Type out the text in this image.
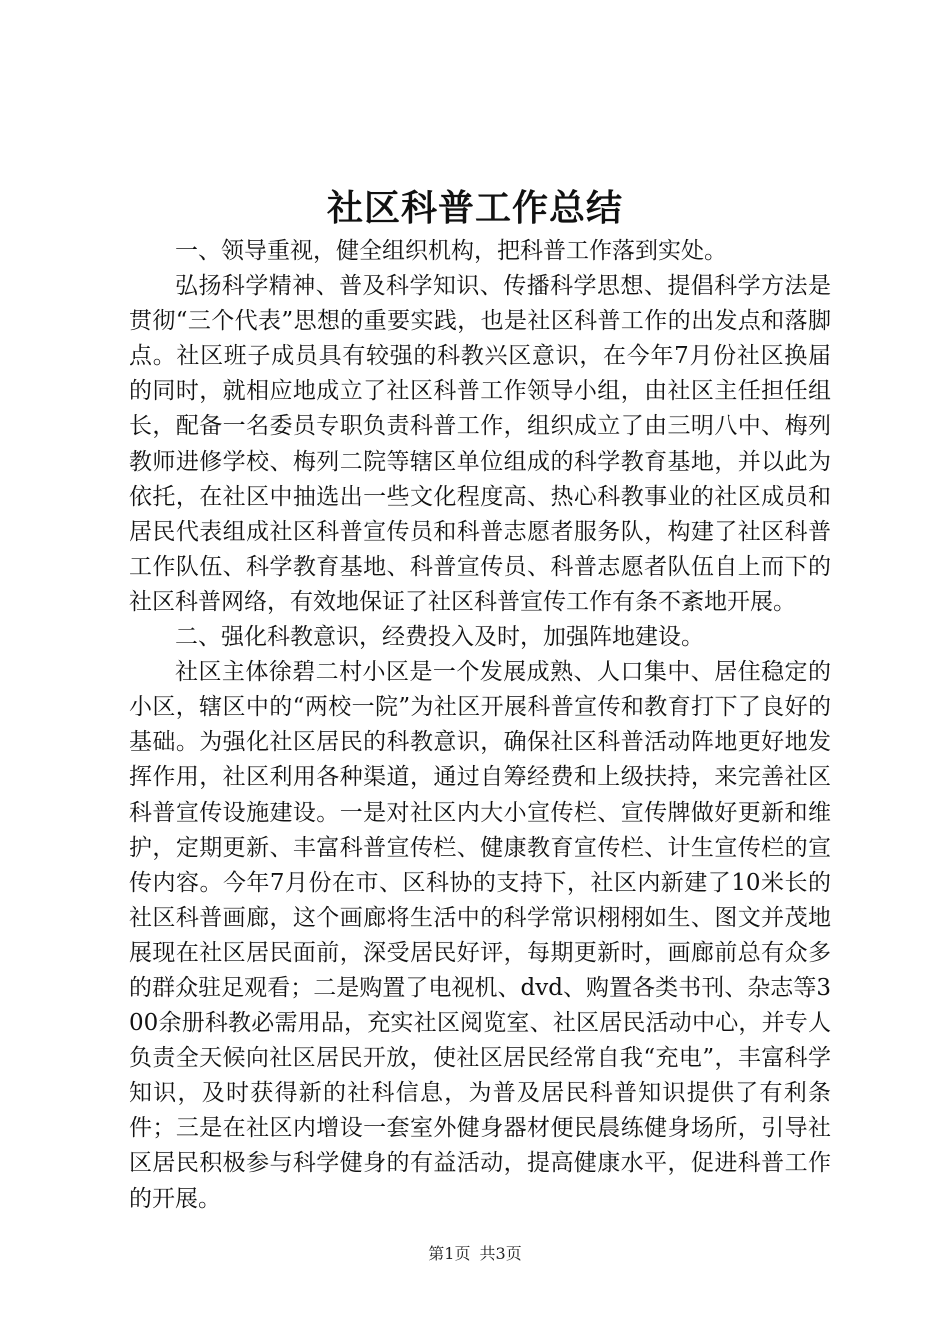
社区科普工作总结

一、领导重视，健全组织机构，把科普工作落到实处。

弘扬科学精神、普及科学知识、传播科学思想、提倡科学方法是贯彻“三个代表”思想的重要实践，也是社区科普工作的出发点和落脚点。社区班子成员具有较强的科教兴区意识，在今年7月份社区换届的同时，就相应地成立了社区科普工作领导小组，由社区主任担任组长，配备一名委员专职负责科普工作，组织成立了由三明八中、梅列教师进修学校、梅列二院等辖区单位组成的科学教育基地，并以此为依托，在社区中抽选出一些文化程度高、热心科教事业的社区成员和居民代表组成社区科普宣传员和科普志愿者服务队，构建了社区科普工作队伍、科学教育基地、科普宣传员、科普志愿者队伍自上而下的社区科普网络，有效地保证了社区科普宣传工作有条不紊地开展。

二、强化科教意识，经费投入及时，加强阵地建设。

社区主体徐碧二村小区是一个发展成熟、人口集中、居住稳定的小区，辖区中的“两校一院”为社区开展科普宣传和教育打下了良好的基础。为强化社区居民的科教意识，确保社区科普活动阵地更好地发挥作用，社区利用各种渠道，通过自筹经费和上级扶持，来完善社区科普宣传设施建设。一是对社区内大小宣传栏、宣传牌做好更新和维护，定期更新、丰富科普宣传栏、健康教育宣传栏、计生宣传栏的宣传内容。今年7月份在市、区科协的支持下，社区内新建了10米长的社区科普画廊，这个画廊将生活中的科学常识栩栩如生、图文并茂地展现在社区居民面前，深受居民好评，每期更新时，画廊前总有众多的群众驻足观看；二是购置了电视机、dvd、购置各类书刊、杂志等300余册科教必需用品，充实社区阅览室、社区居民活动中心，并专人负责全天候向社区居民开放，使社区居民经常自我“充电”，丰富科学知识，及时获得新的社科信息，为普及居民科普知识提供了有利条件；三是在社区内增设一套室外健身器材便民晨练健身场所，引导社区居民积极参与科学健身的有益活动，提高健康水平，促进科普工作的开展。

第1页 共3页
